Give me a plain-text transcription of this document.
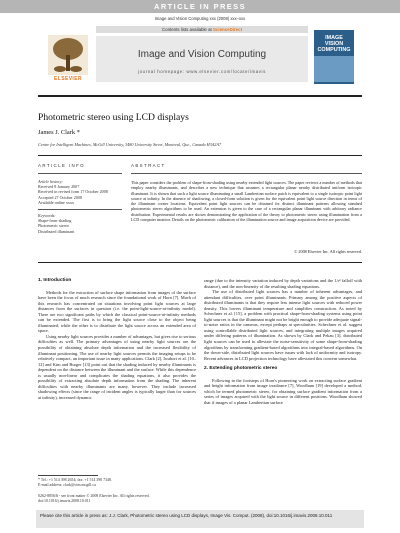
ARTICLE IN PRESS
Image and Vision Computing xxx (2008) xxx–xxx
ELSEVIER
Contents lists available at ScienceDirect
Image and Vision Computing
journal homepage: www.elsevier.com/locate/imavis
IMAGE VISION COMPUTING
Photometric stereo using LCD displays
James J. Clark *
Centre for Intelligent Machines, McGill University, 3480 University Street, Montreal, Que., Canada H3A2A7
ARTICLE INFO	ABSTRACT
Article history:
Received 8 January 2007
Received in revised form 17 October 2008
Accepted 27 October 2008
Available online xxxx
Keywords:
Shape-from-shading
Photometric stereo
Distributed illuminant
This paper considers the problem of shape-from-shading using nearby extended light sources. The paper reviews a number of methods that employ nearby illuminants, and describes a new technique that assumes a rectangular planar nearby distributed uniform isotropic illuminant. It is shown that such a light source illuminating a small Lambertian surface patch is equivalent to a single isotropic point light source at infinity. In the absence of shadowing, a closed-form solution is given for the equivalent point light source direction in terms of the illuminant corner locations. Equivalent point light sources can be obtained for distinct illuminant patterns allowing standard photometric stereo algorithms to be used. An extension is given to the case of a rectangular planar illuminant with arbitrary radiance distribution. Experimental results are shown demonstrating the application of the theory to photometric stereo using illumination from a LCD computer monitor. Details on the photometric calibration of the illumination source and image acquisition device are provided.
© 2008 Elsevier Inc. All rights reserved.
1. Introduction

Methods for the extraction of surface shape information from images of the surface have been the focus of much research since the foundational work of Horn [7]. Much of this research has concentrated on situations involving point light sources at large distances from the surfaces in question (i.e. the point-light-source-at-infinity model). There are two significant paths by which the classical point-source-at-infinity methods can be extended. The first is to bring the light source close to the object being illuminated, while the other is to distribute the light source across an extended area of space.

Using nearby light sources provides a number of advantages, but gives rise to serious difficulties as well. The primary advantages of using nearby light sources are the possibility of obtaining absolute depth information and the increased flexibility of illuminant positioning. The use of nearby light sources permits the imaging setups to be relatively compact, an important issue in many applications. Clark [2], Iwahori et al. [10–12] and Kim and Burger [13] point out that the shading induced by nearby illuminants is dependent on the distance between the illuminant and the surface. While this dependence is usually non-linear and complicates the shading equations, it also provides the possibility of extracting absolute depth information from the shading. The inherent difficulties with nearby illuminants are many, however. They include increased shadowing effects (since the range of incident angles is typically larger than for sources at infinity), increased dynamic

range (due to the intensity variation induced by depth variations and the 1/r² falloff with distance), and the non-linearity of the resulting shading equations.

The use of distributed light sources has a number of inherent advantages, and attendant difficulties, over point illuminants. Primary among the positive aspects of distributed illuminants is that they require less intense light sources with reduced power density. This lowers illuminant temperature and simplifies construction. As noted by Schechner et al. [15], a problem with practical shape-from-shading systems using point light sources is that the illuminant might not be bright enough to provide adequate signal-to-noise ratios in the cameras, except perhaps at specularities. Schechner et al. suggest using controllable distributed light sources, and integrating multiple images acquired under differing patterns of illumination. As shown by Clark and Pekau [3], distributed light sources can be used to alleviate the noise-sensitivity of some shape-from-shading algorithms by transforming gradient-based algorithms into integral-based algorithms. On the down-side, distributed light sources have issues with lack of uniformity and isotropy. Recent advances in LCD projection technology have alleviated this concern somewhat.

2. Extending photometric stereo

Following in the footsteps of Horn's pioneering work on extracting surface gradient and height information from image irradiance [7], Woodham [19] developed a method, which he termed photometric stereo, for obtaining surface gradient information from a series of images acquired with the light source in different positions. Woodham showed that if images of a planar Lambertian surface

* Tel.: +1 514 398 2654; fax: +1 514 398 7348.
E-mail address: clark@cim.mcgill.ca
0262-8856/$ - see front matter © 2008 Elsevier Inc. All rights reserved.
doi:10.1016/j.imavis.2008.10.011
Please cite this article in press as: J.J. Clark, Photometric stereo using LCD displays, Image Vis. Comput. (2008), doi:10.1016/j.imavis.2008.10.011
